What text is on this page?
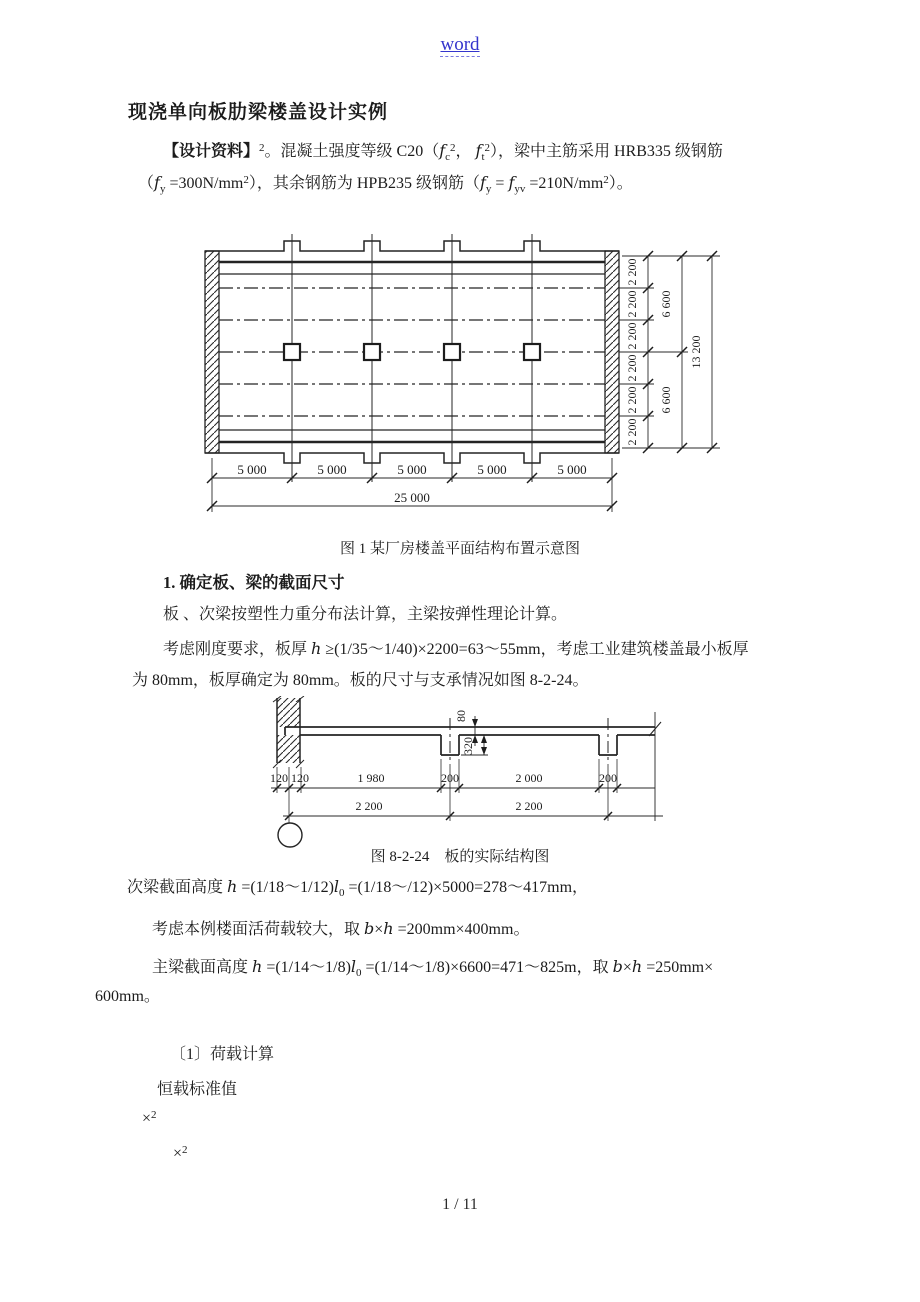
word
现浇单向板肋梁楼盖设计实例
【设计资料】$^2$。混凝土强度等级 $C20(f_c^2$， $f_t^2$），梁中主筋采用 HRB335 级钢筋
$(f_y =300N/mm^2)$，其余钢筋为 HPB235 级钢筋$(f_y = f_{yv} =210N/mm^2)$。
5 000	5 000	5 000	5 000	5 000
25 000
2 200
2 200
2 200
2 200
2 200
2 200
6 600
6 600
13 200
图 1 某厂房楼盖平面结构布置示意图
1. 确定板、梁的截面尺寸
板 、次梁按塑性力重分布法计算，主梁按弹性理论计算。
考虑刚度要求，板厚 h ≥(1/35～1/40)×2200=63～55mm，考虑工业建筑楼盖最小板厚
为 80mm，板厚确定为 80mm。板的尺寸与支承情况如图 8-2-24。
80
320
120 120	1 980	200	2 000	200
2 200	2 200
图 8-2-24　板的实际结构图
次梁截面高度 $h =(1/18\sim 1/12)l_0$ =(1/18～/12)×5000=278～417mm，
考虑本例楼面活荷载较大，取 b×h =200mm×400mm。
主梁截面高度 $h =(1/14\sim 1/8)l_0$ =(1/14～1/8)×6600=471～825m，取 b×h =250mm×
600mm。
〔1〕荷载计算
恒载标准值
×$^2$
×$^2$
1 / 11
